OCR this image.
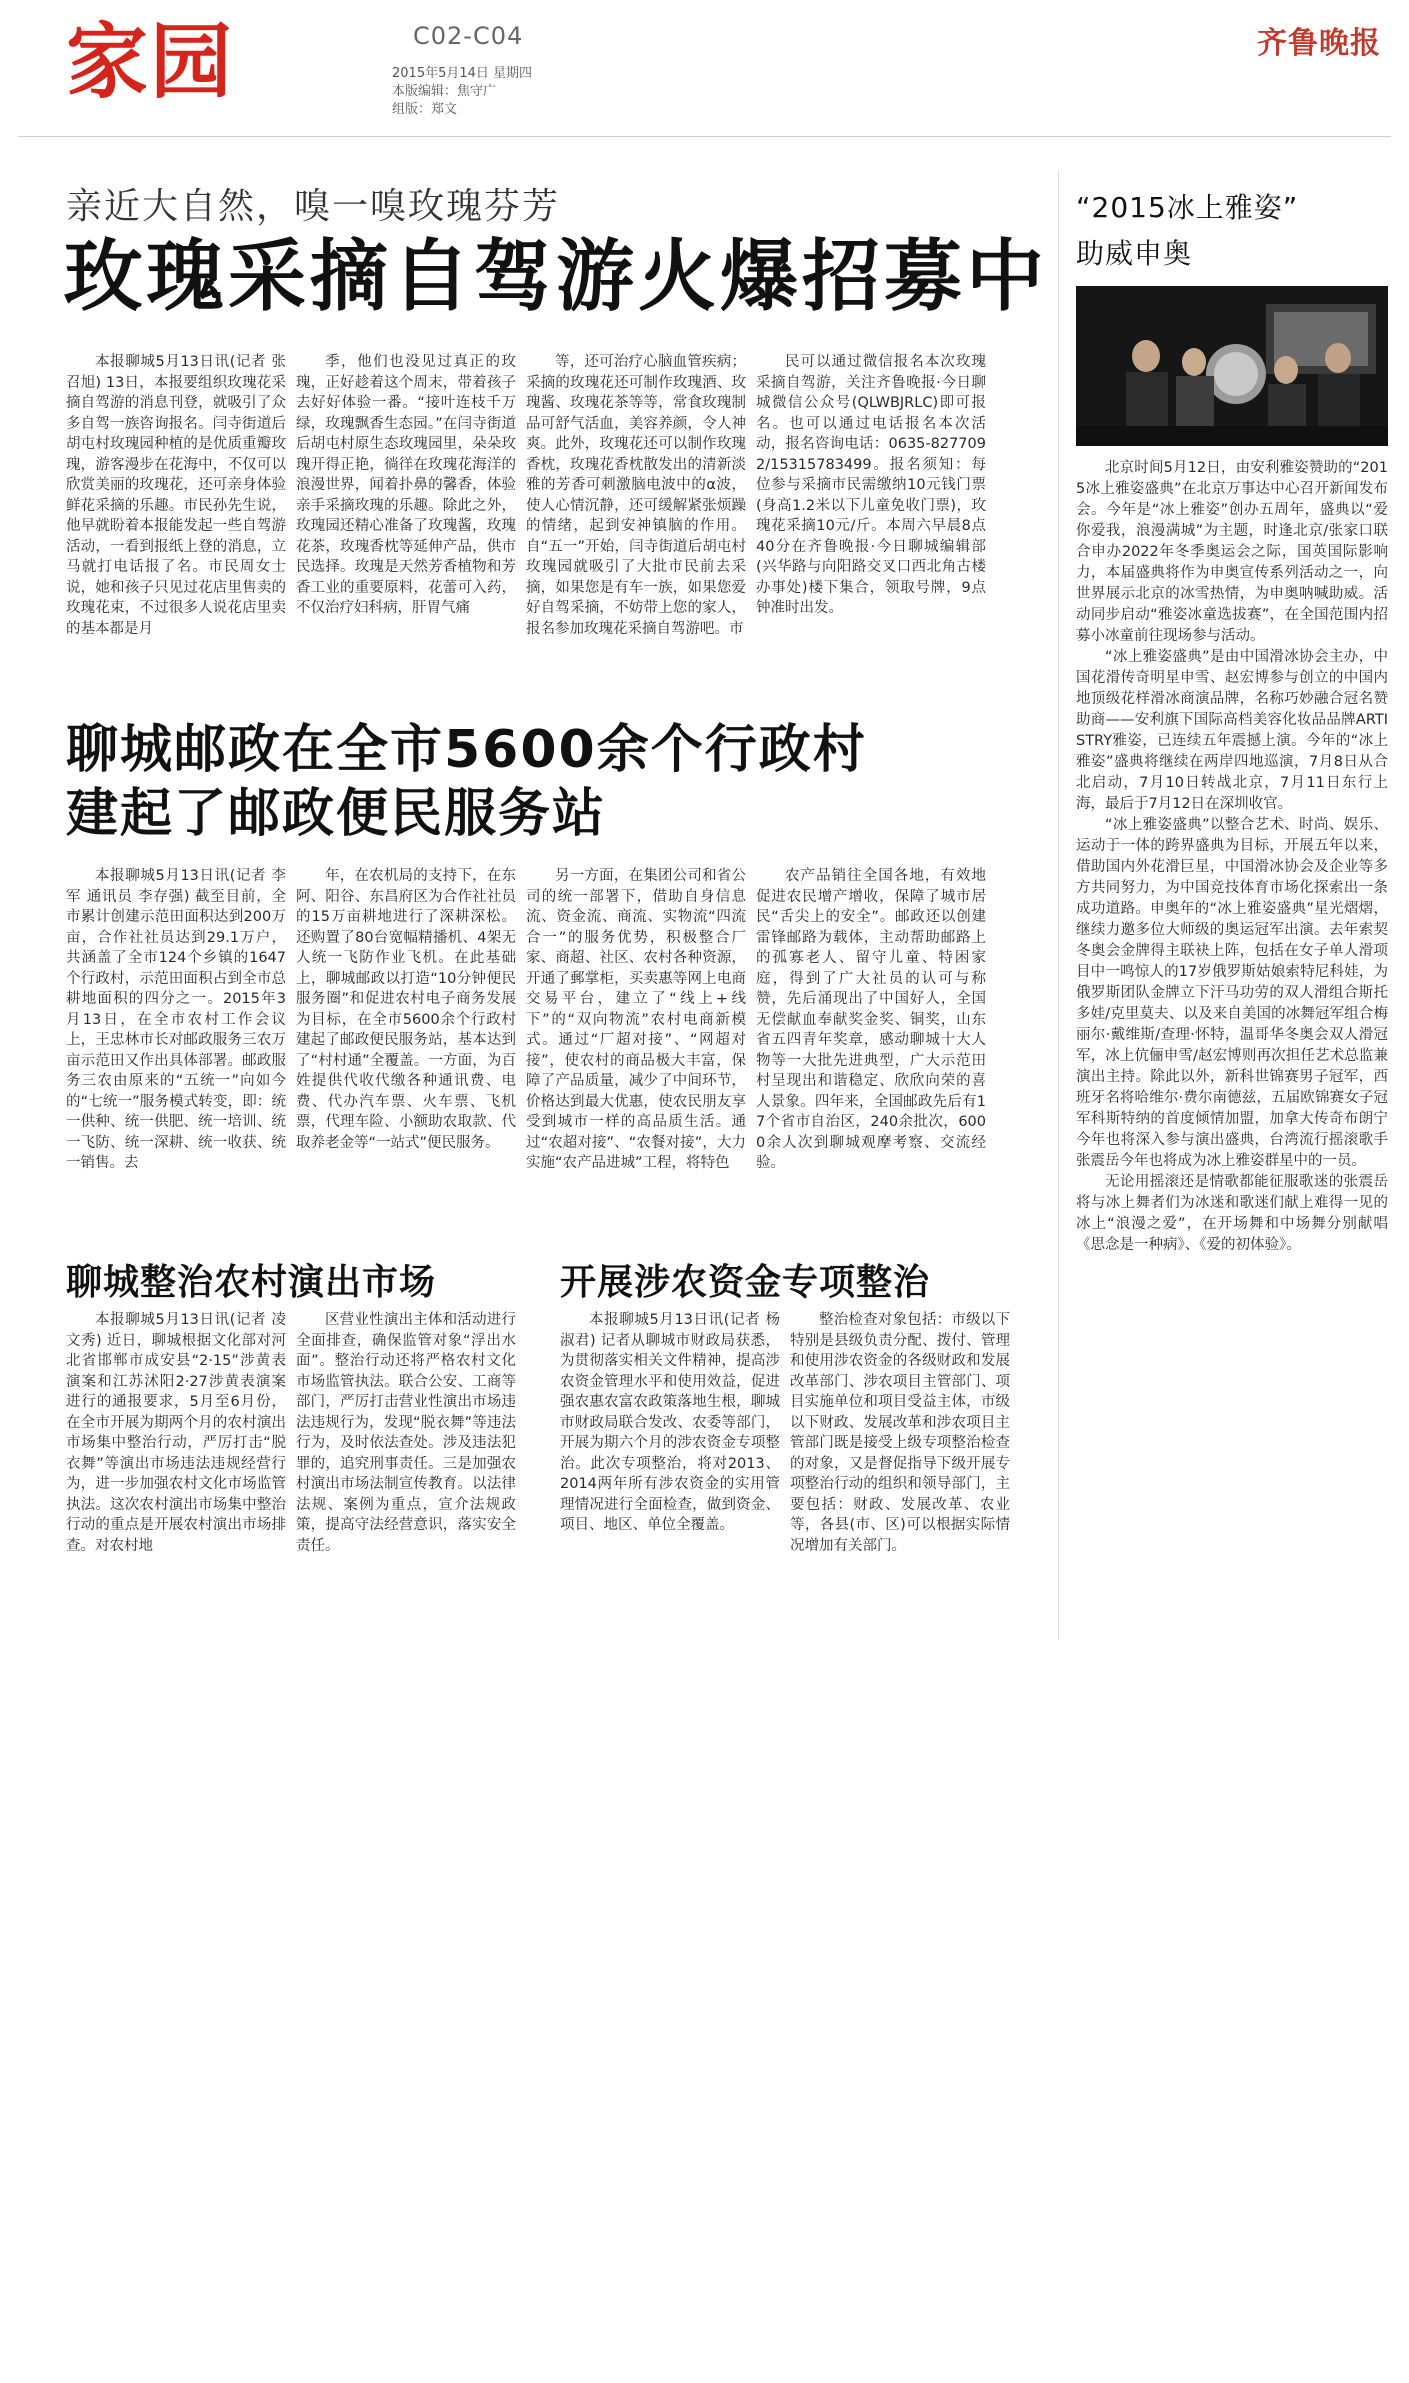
家园	C02-C04
2015年5月14日 星期四
本版编辑：焦守广
组版：郑文
齐鲁晚报
亲近大自然，嗅一嗅玫瑰芬芳
玫瑰采摘自驾游火爆招募中
本报聊城5月13日讯(记者 张召旭) 13日，本报要组织玫瑰花采摘自驾游的消息刊登，就吸引了众多自驾一族咨询报名。闫寺街道后胡屯村玫瑰园种植的是优质重瓣玫瑰，游客漫步在花海中，不仅可以欣赏美丽的玫瑰花，还可亲身体验鲜花采摘的乐趣。市民孙先生说，他早就盼着本报能发起一些自驾游活动，一看到报纸上登的消息，立马就打电话报了名。市民周女士说，她和孩子只见过花店里售卖的玫瑰花束，不过很多人说花店里卖的基本都是月
季，他们也没见过真正的玫瑰，正好趁着这个周末，带着孩子去好好体验一番。“接叶连枝千万绿，玫瑰飘香生态园。”在闫寺街道后胡屯村原生态玫瑰园里，朵朵玫瑰开得正艳，徜徉在玫瑰花海洋的浪漫世界，闻着扑鼻的馨香，体验亲手采摘玫瑰的乐趣。除此之外，玫瑰园还精心准备了玫瑰酱，玫瑰花茶，玫瑰香枕等延伸产品，供市民选择。玫瑰是天然芳香植物和芳香工业的重要原料，花蕾可入药，不仅治疗妇科病，肝胃气痛
等，还可治疗心脑血管疾病；采摘的玫瑰花还可制作玫瑰酒、玫瑰酱、玫瑰花茶等等，常食玫瑰制品可舒气活血，美容养颜，令人神爽。此外，玫瑰花还可以制作玫瑰香枕，玫瑰花香枕散发出的清新淡雅的芳香可刺激脑电波中的α波，使人心情沉静，还可缓解紧张烦躁的情绪，起到安神镇脑的作用。自“五一”开始，闫寺街道后胡屯村玫瑰园就吸引了大批市民前去采摘，如果您是有车一族，如果您爱好自驾采摘，不妨带上您的家人，报名参加玫瑰花采摘自驾游吧。市
民可以通过微信报名本次玫瑰采摘自驾游，关注齐鲁晚报·今日聊城微信公众号(QLWBJRLC)即可报名。也可以通过电话报名本次活动，报名咨询电话：0635-8277092/15315783499。报名须知：每位参与采摘市民需缴纳10元钱门票(身高1.2米以下儿童免收门票)，玫瑰花采摘10元/斤。本周六早晨8点40分在齐鲁晚报·今日聊城编辑部(兴华路与向阳路交叉口西北角古楼办事处)楼下集合，领取号牌，9点钟准时出发。
聊城邮政在全市5600余个行政村
建起了邮政便民服务站
本报聊城5月13日讯(记者 李军 通讯员 李存强) 截至目前，全市累计创建示范田面积达到200万亩，合作社社员达到29.1万户，共涵盖了全市124个乡镇的1647个行政村，示范田面积占到全市总耕地面积的四分之一。2015年3月13日，在全市农村工作会议上，王忠林市长对邮政服务三农万亩示范田又作出具体部署。邮政服务三农由原来的“五统一”向如今的“七统一”服务模式转变，即：统一供种、统一供肥、统一培训、统一飞防、统一深耕、统一收获、统一销售。去
年，在农机局的支持下，在东阿、阳谷、东昌府区为合作社社员的15万亩耕地进行了深耕深松。还购置了80台宽幅精播机、4架无人统一飞防作业飞机。在此基础上，聊城邮政以打造“10分钟便民服务圈”和促进农村电子商务发展为目标，在全市5600余个行政村建起了邮政便民服务站，基本达到了“村村通”全覆盖。一方面，为百姓提供代收代缴各种通讯费、电费、代办汽车票、火车票、飞机票，代理车险、小额助农取款、代取养老金等“一站式”便民服务。
另一方面，在集团公司和省公司的统一部署下，借助自身信息流、资金流、商流、实物流“四流合一”的服务优势，积极整合厂家、商超、社区、农村各种资源，开通了郵掌柜，买卖惠等网上电商交易平台，建立了“线上+线下”的“双向物流”农村电商新模式。通过“厂超对接”、“网超对接”，使农村的商品极大丰富，保障了产品质量，减少了中间环节，价格达到最大优惠，使农民朋友享受到城市一样的高品质生活。通过“农超对接”、“农餐对接”，大力实施“农产品进城”工程，将特色
农产品销往全国各地，有效地促进农民增产增收，保障了城市居民“舌尖上的安全”。邮政还以创建雷锋邮路为载体，主动帮助邮路上的孤寡老人、留守儿童、特困家庭，得到了广大社员的认可与称赞，先后涌现出了中国好人，全国无偿献血奉献奖金奖、铜奖，山东省五四青年奖章，感动聊城十大人物等一大批先进典型，广大示范田村呈现出和谐稳定、欣欣向荣的喜人景象。四年来，全国邮政先后有17个省市自治区，240余批次，6000余人次到聊城观摩考察、交流经验。
聊城整治农村演出市场
本报聊城5月13日讯(记者 凌文秀) 近日，聊城根据文化部对河北省邯郸市成安县“2·15”涉黄表演案和江苏沭阳2·27涉黄表演案进行的通报要求，5月至6月份，在全市开展为期两个月的农村演出市场集中整治行动，严厉打击“脱衣舞”等演出市场违法违规经营行为，进一步加强农村文化市场监管执法。这次农村演出市场集中整治行动的重点是开展农村演出市场排查。对农村地
区营业性演出主体和活动进行全面排查，确保监管对象“浮出水面”。整治行动还将严格农村文化市场监管执法。联合公安、工商等部门，严厉打击营业性演出市场违法违规行为，发现“脱衣舞”等违法行为，及时依法查处。涉及违法犯罪的，追究刑事责任。三是加强农村演出市场法制宣传教育。以法律法规、案例为重点，宣介法规政策，提高守法经营意识，落实安全责任。
开展涉农资金专项整治
本报聊城5月13日讯(记者 杨淑君) 记者从聊城市财政局获悉，为贯彻落实相关文件精神，提高涉农资金管理水平和使用效益，促进强农惠农富农政策落地生根，聊城市财政局联合发改、农委等部门，开展为期六个月的涉农资金专项整治。此次专项整治，将对2013、2014两年所有涉农资金的实用管理情况进行全面检查，做到资金、项目、地区、单位全覆盖。
整治检查对象包括：市级以下特别是县级负责分配、拨付、管理和使用涉农资金的各级财政和发展改革部门、涉农项目主管部门、项目实施单位和项目受益主体，市级以下财政、发展改革和涉农项目主管部门既是接受上级专项整治检查的对象，又是督促指导下级开展专项整治行动的组织和领导部门，主要包括：财政、发展改革、农业等，各县(市、区)可以根据实际情况增加有关部门。
“2015冰上雅姿”
助威申奥

北京时间5月12日，由安利雅姿赞助的“2015冰上雅姿盛典”在北京万事达中心召开新闻发布会。今年是“冰上雅姿”创办五周年，盛典以“爱你爱我，浪漫满城”为主题，时逢北京/张家口联合申办2022年冬季奥运会之际，国英国际影响力，本届盛典将作为申奥宣传系列活动之一，向世界展示北京的冰雪热情，为申奥呐喊助威。活动同步启动“雅姿冰童选拔赛”，在全国范围内招募小冰童前往现场参与活动。

“冰上雅姿盛典”是由中国滑冰协会主办，中国花滑传奇明星申雪、赵宏博参与创立的中国内地顶级花样滑冰商演品牌，名称巧妙融合冠名赞助商——安利旗下国际高档美容化妆品品牌ARTISTRY雅姿，已连续五年震撼上演。今年的“冰上雅姿”盛典将继续在两岸四地巡演，7月8日从合北启动，7月10日转战北京，7月11日东行上海，最后于7月12日在深圳收官。

“冰上雅姿盛典”以整合艺术、时尚、娱乐、运动于一体的跨界盛典为目标，开展五年以来，借助国内外花滑巨星，中国滑冰协会及企业等多方共同努力，为中国竞技体育市场化探索出一条成功道路。申奥年的“冰上雅姿盛典”星光熠熠，继续力邀多位大师级的奥运冠军出演。去年索契冬奥会金牌得主联袂上阵，包括在女子单人滑项目中一鸣惊人的17岁俄罗斯姑娘索特尼科娃，为俄罗斯团队金牌立下汗马功劳的双人滑组合斯托多娃/克里莫夫、以及来自美国的冰舞冠军组合梅丽尔·戴维斯/查理·怀特，温哥华冬奥会双人滑冠军，冰上伉俪申雪/赵宏博则再次担任艺术总监兼演出主持。除此以外，新科世锦赛男子冠军，西班牙名将哈维尔·费尔南德兹，五届欧锦赛女子冠军科斯特纳的首度倾情加盟，加拿大传奇布朗宁今年也将深入参与演出盛典，台湾流行摇滚歌手张震岳今年也将成为冰上雅姿群星中的一员。

无论用摇滚还是情歌都能征服歌迷的张震岳将与冰上舞者们为冰迷和歌迷们献上难得一见的冰上“浪漫之爱”，在开场舞和中场舞分别献唱《思念是一种病》、《爱的初体验》。
